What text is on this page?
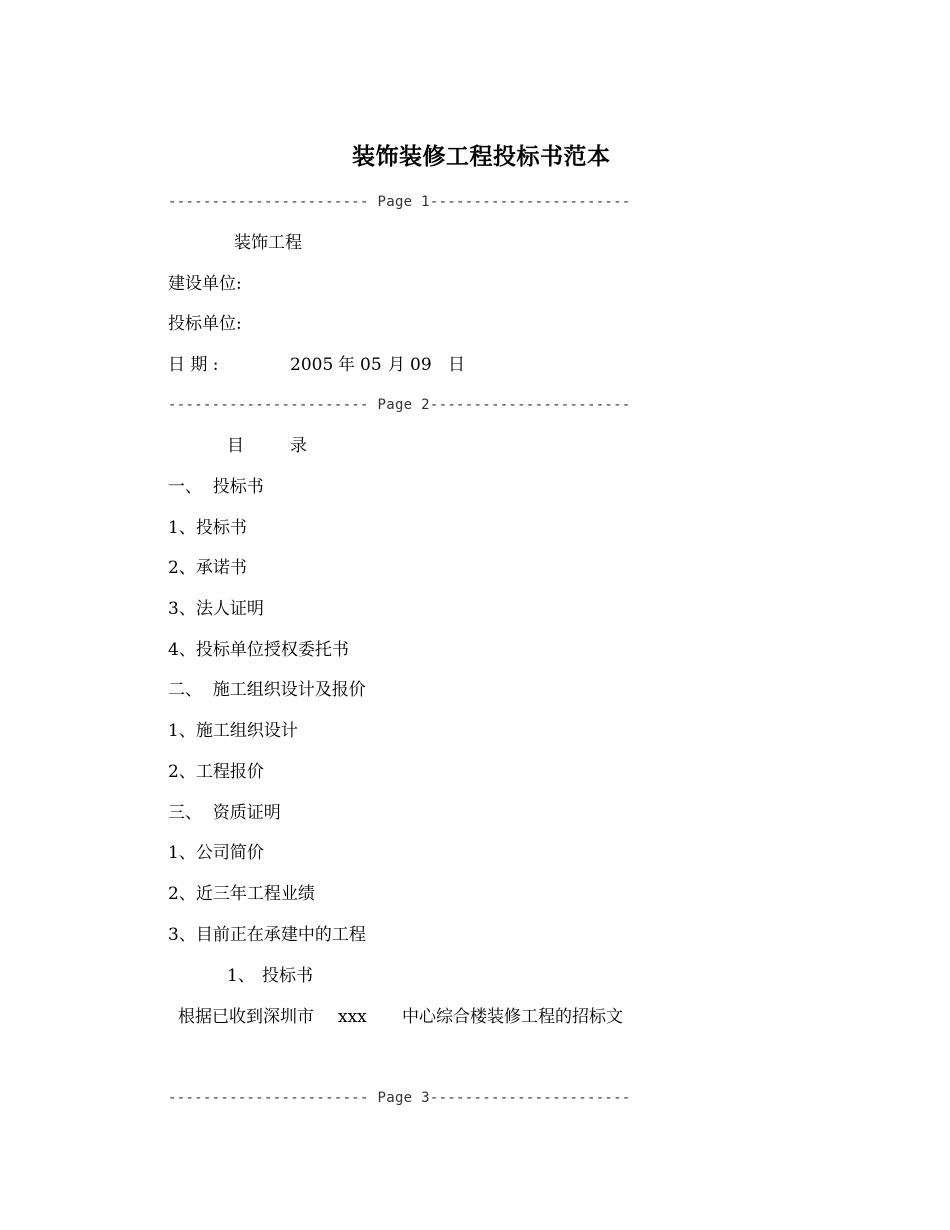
装饰装修工程投标书范本
----------------------- Page 1-----------------------
装饰工程
建设单位:
投标单位:
日 期 :	2005 年 05 月 09 日
----------------------- Page 2-----------------------
目	录
一、  投标书
1、投标书
2、承诺书
3、法人证明
4、投标单位授权委托书
二、  施工组织设计及报价
1、施工组织设计
2、工程报价
三、  资质证明
1、公司简价
2、近三年工程业绩
3、目前正在承建中的工程
1、 投标书
根据已收到深圳市 xxx 中心综合楼装修工程的招标文
----------------------- Page 3-----------------------
